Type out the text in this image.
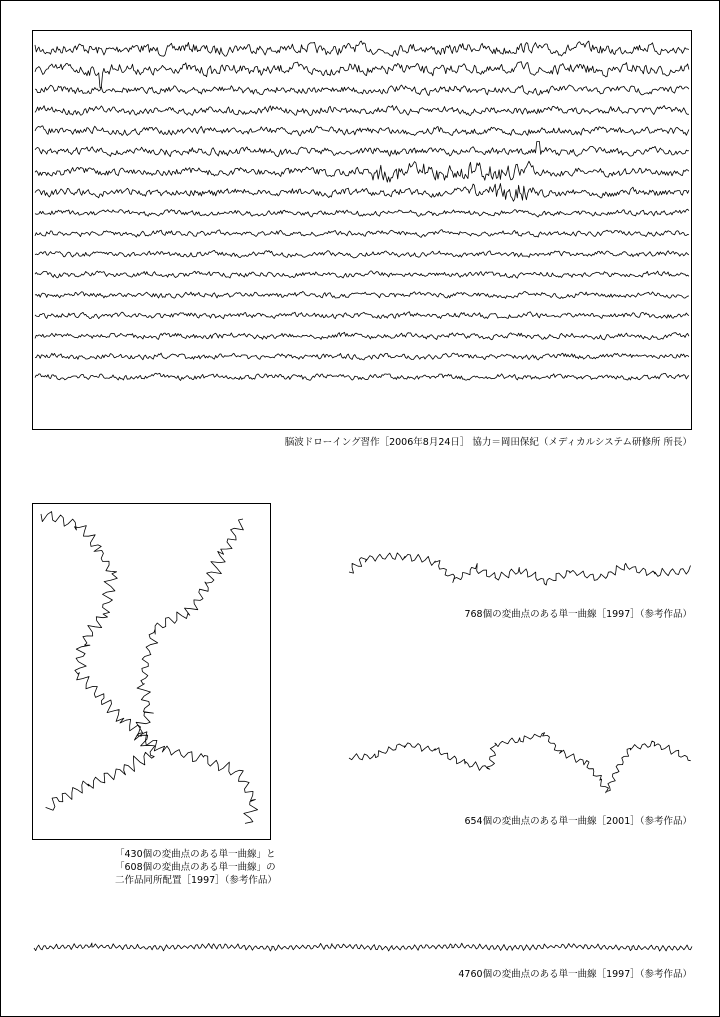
脳波ドローイング習作［2006年8月24日］ 協力＝岡田保紀（メディカルシステム研修所 所長）
「430個の変曲点のある単一曲線」と
「608個の変曲点のある単一曲線」の
二作品同所配置［1997］（参考作品）
768個の変曲点のある単一曲線［1997］（参考作品）
654個の変曲点のある単一曲線［2001］（参考作品）
4760個の変曲点のある単一曲線［1997］（参考作品）
